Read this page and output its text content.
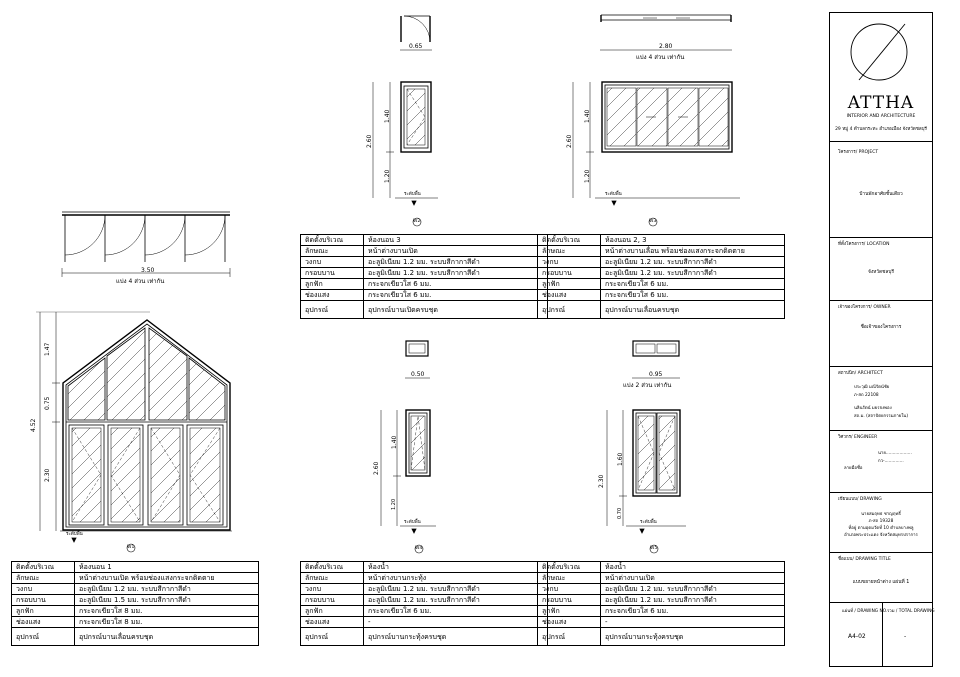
3.50
แบ่ง 4 ส่วน เท่ากัน
1.47
0.75
4.52
2.30
ระดับพื้น
W1
0.65
1.40
2.60
1.20
ระดับพื้น
W2
2.80
แบ่ง 4 ส่วน เท่ากัน
1.40
2.60
1.20
ระดับพื้น
W3
0.50
1.40
2.60
1.20
ระดับพื้น
W4
0.95
แบ่ง 2 ส่วน เท่ากัน
1.60
2.30
0.70
ระดับพื้น
W5
ติดตั้งบริเวณ	ห้องนอน 1
ลักษณะ	หน้าต่างบานเปิด พร้อมช่องแสงกระจกติดตาย
วงกบ	อะลูมิเนียม 1.2 มม. ระบบสีกากาสีดำ
กรอบบาน	อะลูมิเนียม 1.5 มม. ระบบสีกากาสีดำ
ลูกฟัก	กระจกเขียวใส 8 มม.
ช่องแสง	กระจกเขียวใส 8 มม.
อุปกรณ์	อุปกรณ์บานเลื่อนครบชุด
ติดตั้งบริเวณ	ห้องนอน 3
ลักษณะ	หน้าต่างบานเปิด
วงกบ	อะลูมิเนียม 1.2 มม. ระบบสีกากาสีดำ
กรอบบาน	อะลูมิเนียม 1.2 มม. ระบบสีกากาสีดำ
ลูกฟัก	กระจกเขียวใส 6 มม.
ช่องแสง	กระจกเขียวใส 6 มม.
อุปกรณ์	อุปกรณ์บานเปิดครบชุด
ติดตั้งบริเวณ	ห้องนอน 2, 3
ลักษณะ	หน้าต่างบานเลื่อน พร้อมช่องแสงกระจกติดตาย
วงกบ	อะลูมิเนียม 1.2 มม. ระบบสีกากาสีดำ
กรอบบาน	อะลูมิเนียม 1.2 มม. ระบบสีกากาสีดำ
ลูกฟัก	กระจกเขียวใส 6 มม.
ช่องแสง	กระจกเขียวใส 6 มม.
อุปกรณ์	อุปกรณ์บานเลื่อนครบชุด
ติดตั้งบริเวณ	ห้องน้ำ
ลักษณะ	หน้าต่างบานกระทุ้ง
วงกบ	อะลูมิเนียม 1.2 มม. ระบบสีกากาสีดำ
กรอบบาน	อะลูมิเนียม 1.2 มม. ระบบสีกากาสีดำ
ลูกฟัก	กระจกเขียวใส 6 มม.
ช่องแสง	-
อุปกรณ์	อุปกรณ์บานกระทุ้งครบชุด
ติดตั้งบริเวณ	ห้องน้ำ
ลักษณะ	หน้าต่างบานเปิด
วงกบ	อะลูมิเนียม 1.2 มม. ระบบสีกากาสีดำ
กรอบบาน	อะลูมิเนียม 1.2 มม. ระบบสีกากาสีดำ
ลูกฟัก	กระจกเขียวใส 6 มม.
ช่องแสง	-
อุปกรณ์	อุปกรณ์บานกระทุ้งครบชุด
ATTHA
INTERIOR AND ARCHITECTURE
29 หมู่ 4 ตำบลกระทะ อำเภอเมือง จังหวัดชลบุรี
โครงการ/ PROJECT
บ้านพักอาศัยชั้นเดียว
ที่ตั้งโครงการ/ LOCATION
จังหวัดชลบุรี
เจ้าของโครงการ/ OWNER
ชื่อเจ้าของโครงการ
สถาปนิก/ ARCHITECT
ประวุฒิ มณีรัตน์ชัย
ภ-สถ 22108
นลินรัตน์ มยรจงพอง
สถ.ม. (สถาปัตยกรรมภายใน)
วิศวกร/ ENGINEER
นาย...................
กว-..............
ลายมือชื่อ
เขียนแบบ/ DRAWING
นายสมฤทธ ชาญฤทธิ์
ภ-สถ 19328
ที่อยู่ ตามอุดมวัดที่ 10 ตำบลบางพลู
อำเภอพระประแดง จังหวัดสมุทรปราการ
ชื่อแบบ/ DRAWING TITLE
แบบขยายหน้าต่าง แผ่นที่ 1
แผ่นที่ / DRAWING NO. รวม / TOTAL DRAWING
A4-02	-
